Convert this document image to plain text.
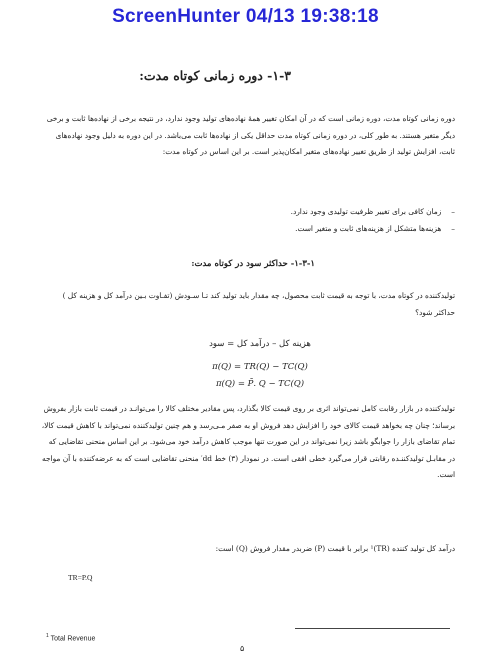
ScreenHunter 04/13 19:38:18
۱-۳- دوره زمانی کوتاه مدت:
دوره زمانی کوتاه مدت، دوره زمانی است که در آن امکان تغییر همهٔ نهاده‌های تولید وجود ندارد، در نتیجه برخی از نهاده‌ها ثابت و برخی دیگر متغیر هستند. به طور کلی، در دوره زمانی کوتاه مدت حداقل یکی از نهاده‌ها ثابت می‌باشد. در این دوره به دلیل وجود نهاده‌های ثابت، افزایش تولید از طریق تغییر نهاده‌های متغیر امکان‌پذیر است. بر این اساس در کوتاه مدت:
– زمان کافی برای تغییر ظرفیت تولیدی وجود ندارد.
– هزینه‌ها متشکل از هزینه‌های ثابت و متغیر است.
۱-۳-۱- حداکثر سود در کوتاه مدت:
تولیدکننده در کوتاه مدت، با توجه به قیمت ثابت محصول، چه مقدار باید تولید کند تـا سـودش (تفـاوت بـین درآمد کل و هزینه کل ) حداکثر شود؟
هزینه کل – درآمد کل = سود
π(Q) = TR(Q) − TC(Q)
π(Q) = P̄. Q − TC(Q)
تولیدکننده در بازار رقابت کامل نمی‌تواند اثری بر روی قیمت کالا بگذارد، پس مقادیر مختلف کالا را می‌توانـد در قیمت ثابت بازار بفروش برساند؛ چنان چه بخواهد قیمت کالای خود را افزایش دهد فروش او به صفر مـی‌رسد و هم چنین تولیدکننده نمی‌تواند با کاهش قیمت کالا، تمام تقاضای بازار را جوابگو باشد زیرا نمی‌تواند در این صورت تنها موجب کاهش درآمد خود می‌شود. بر این اساس منحنی تقاضایی که در مقابـل تولیدکننـده رقابتی قرار می‌گیرد خطی افقی است. در نمودار (۳) خط dd′ منحنی تقاضایی است که به عرضه‌کننده با آن مواجه است.
درآمد کل تولید کننده (TR)¹ برابر با قیمت (P) ضربدر مقدار فروش (Q) است:
TR=P.Q
$^1$ Total Revenue
۵
